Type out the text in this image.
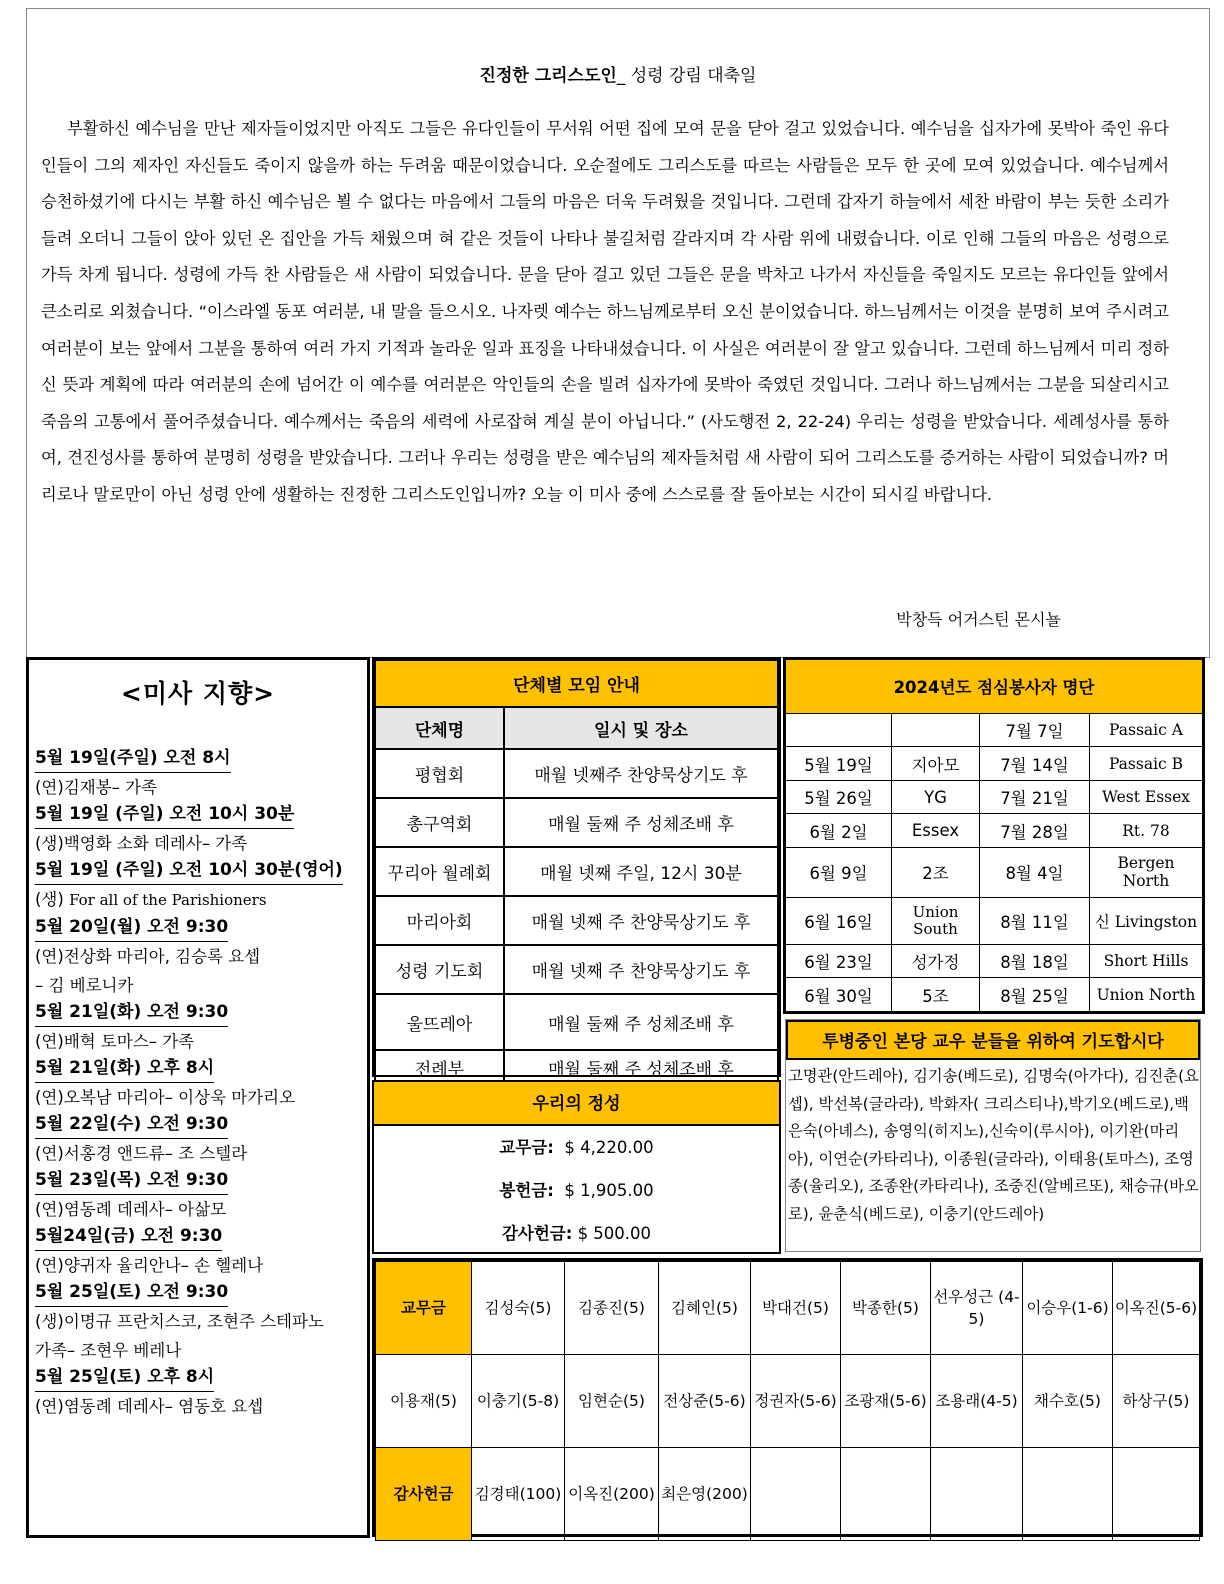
진정한 그리스도인_ 성령 강림 대축일

부활하신 예수님을 만난 제자들이었지만 아직도 그들은 유다인들이 무서워 어떤 집에 모여 문을 닫아 걸고 있었습니다. 예수님을 십자가에 못박아 죽인 유다인들이 그의 제자인 자신들도 죽이지 않을까 하는 두려움 때문이었습니다. 오순절에도 그리스도를 따르는 사람들은 모두 한 곳에 모여 있었습니다. 예수님께서 승천하셨기에 다시는 부활 하신 예수님은 뵐 수 없다는 마음에서 그들의 마음은 더욱 두려웠을 것입니다. 그런데 갑자기 하늘에서 세찬 바람이 부는 듯한 소리가 들려 오더니 그들이 앉아 있던 온 집안을 가득 채웠으며 혀 같은 것들이 나타나 불길처럼 갈라지며 각 사람 위에 내렸습니다. 이로 인해 그들의 마음은 성령으로 가득 차게 됩니다. 성령에 가득 찬 사람들은 새 사람이 되었습니다. 문을 닫아 걸고 있던 그들은 문을 박차고 나가서 자신들을 죽일지도 모르는 유다인들 앞에서 큰소리로 외쳤습니다. “이스라엘 동포 여러분, 내 말을 들으시오. 나자렛 예수는 하느님께로부터 오신 분이었습니다. 하느님께서는 이것을 분명히 보여 주시려고 여러분이 보는 앞에서 그분을 통하여 여러 가지 기적과 놀라운 일과 표징을 나타내셨습니다. 이 사실은 여러분이 잘 알고 있습니다. 그런데 하느님께서 미리 정하신 뜻과 계획에 따라 여러분의 손에 넘어간 이 예수를 여러분은 악인들의 손을 빌려 십자가에 못박아 죽였던 것입니다. 그러나 하느님께서는 그분을 되살리시고 죽음의 고통에서 풀어주셨습니다. 예수께서는 죽음의 세력에 사로잡혀 계실 분이 아닙니다.” (사도행전 2, 22-24) 우리는 성령을 받았습니다. 세례성사를 통하여, 견진성사를 통하여 분명히 성령을 받았습니다. 그러나 우리는 성령을 받은 예수님의 제자들처럼 새 사람이 되어 그리스도를 증거하는 사람이 되었습니까? 머리로나 말로만이 아닌 성령 안에 생활하는 진정한 그리스도인입니까? 오늘 이 미사 중에 스스로를 잘 돌아보는 시간이 되시길 바랍니다.

박창득 어거스틴 몬시뇰
<미사 지향>
5월 19일(주일) 오전 8시
(연)김재봉– 가족
5월 19일 (주일) 오전 10시 30분
(생)백영화 소화 데레사– 가족
5월 19일 (주일) 오전 10시 30분(영어)
(생) For all of the Parishioners
5월 20일(월) 오전 9:30
(연)전상화 마리아, 김승록 요셉
– 김 베로니카
5월 21일(화) 오전 9:30
(연)배혁 토마스– 가족
5월 21일(화) 오후 8시
(연)오복남 마리아– 이상욱 마가리오
5월 22일(수) 오전 9:30
(연)서홍경 앤드류– 조 스텔라
5월 23일(목) 오전 9:30
(연)염동례 데레사– 아삶모
5월24일(금) 오전 9:30
(연)양귀자 율리안나– 손 헬레나
5월 25일(토) 오전 9:30
(생)이명규 프란치스코, 조현주 스테파노
가족– 조현우 베레나
5월 25일(토) 오후 8시
(연)염동례 데레사– 염동호 요셉
단체별 모임 안내	
단체명	일시 및 장소
평협회	매월 넷째주 찬양묵상기도 후
총구역회	매월 둘째 주 성체조배 후
꾸리아 월례회	매월 넷째 주일, 12시 30분
마리아회	매월 넷째 주 찬양묵상기도 후
성령 기도회	매월 넷째 주 찬양묵상기도 후
울뜨레아	매월 둘째 주 성체조배 후
전례부	매월 둘째 주 성체조배 후
우리의 정성
교무금: $ 4,220.00
봉헌금: $ 1,905.00
감사헌금: $ 500.00
2024년도 점심봉사자 명단			
		7월 7일	Passaic A
5월 19일	지아모	7월 14일	Passaic B
5월 26일	YG	7월 21일	West Essex
6월 2일	Essex	7월 28일	Rt. 78
6월 9일	2조	8월 4일	Bergen North
6월 16일	Union South	8월 11일	신 Livingston
6월 23일	성가정	8월 18일	Short Hills
6월 30일	5조	8월 25일	Union North
투병중인 본당 교우 분들을 위하여 기도합시다
고명관(안드레아), 김기송(베드로), 김명숙(아가다), 김진춘(요셉), 박선복(글라라), 박화자( 크리스티나),박기오(베드로),백은숙(아녜스), 송영익(히지노),신숙이(루시아), 이기완(마리아), 이연순(카타리나), 이종원(글라라), 이태용(토마스), 조영종(율리오), 조종완(카타리나), 조중진(알베르또), 채승규(바오로), 윤춘식(베드로), 이충기(안드레아)
교무금	김성숙(5)	김종진(5)	김혜인(5)	박대건(5)	박종한(5)	선우성근 (4-5)	이승우(1-6)	이옥진(5-6)
이용재(5)	이충기(5-8)	임현순(5)	전상준(5-6)	정권자(5-6)	조광재(5-6)	조용래(4-5)	채수호(5)	하상구(5)
감사헌금	김경태(100)	이옥진(200)	최은영(200)					
